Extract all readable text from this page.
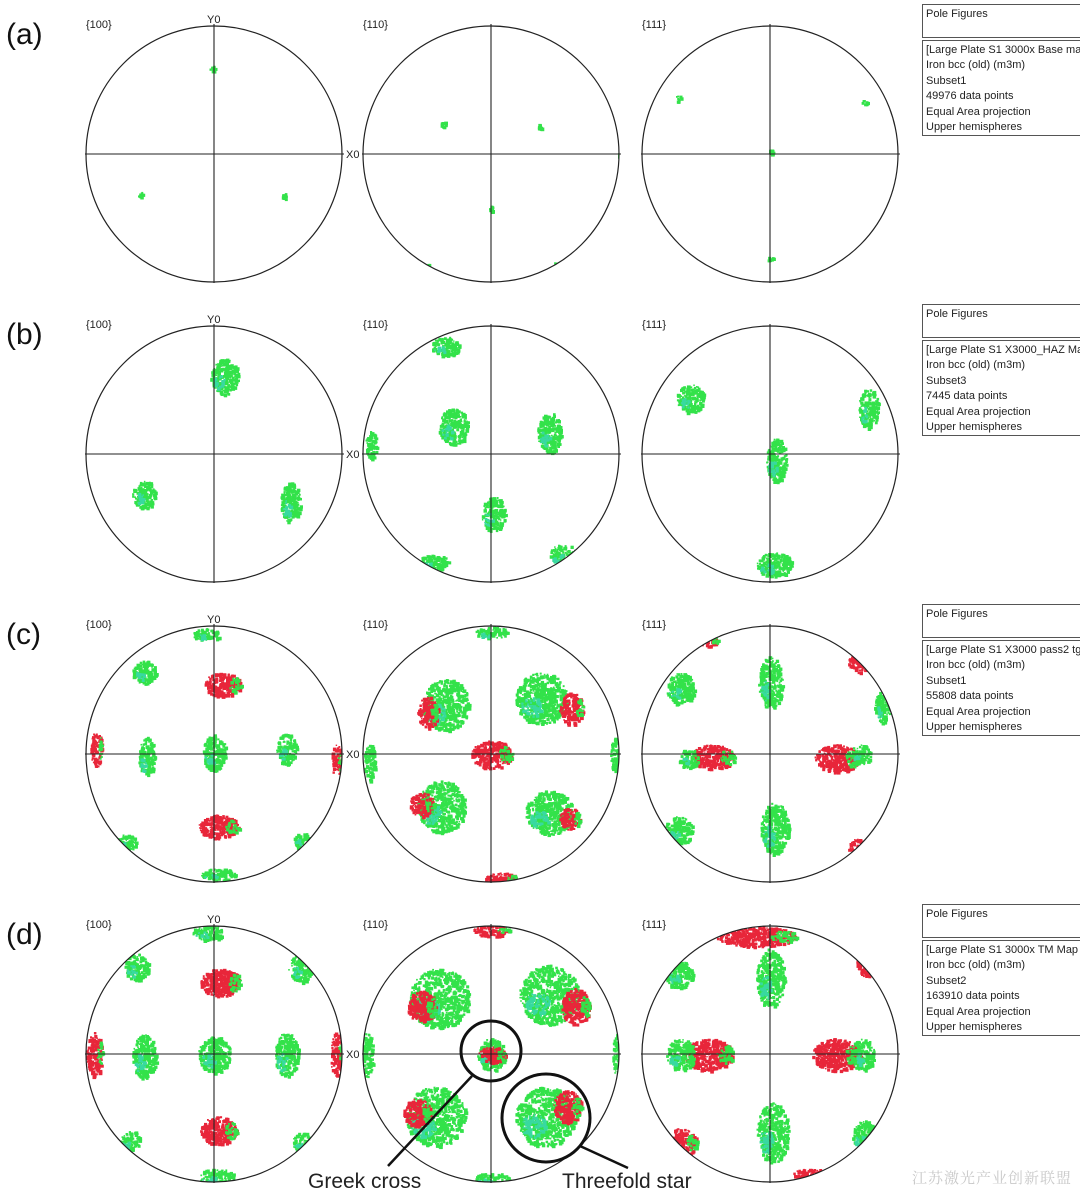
(a)	{100}	Y0
X0
{110}	{111}
(b)	{100}	Y0
X0
{110}	{111}
(c)	{100}	Y0
X0
{110}	{111}
(d)	{100}	Y0
X0
{110}	{111}
Greek cross	Threefold star
Pole Figures
[Large Plate S1 3000x Base ma
Iron bcc (old) (m3m)
Subset1
49976 data points
Equal Area projection
Upper hemispheres
Pole Figures
[Large Plate S1 X3000_HAZ Ma
Iron bcc (old) (m3m)
Subset3
7445 data points
Equal Area projection
Upper hemispheres
Pole Figures
[Large Plate S1 X3000 pass2 tg
Iron bcc (old) (m3m)
Subset1
55808 data points
Equal Area projection
Upper hemispheres
Pole Figures
[Large Plate S1 3000x TM Map
Iron bcc (old) (m3m)
Subset2
163910 data points
Equal Area projection
Upper hemispheres
江苏激光产业创新联盟
